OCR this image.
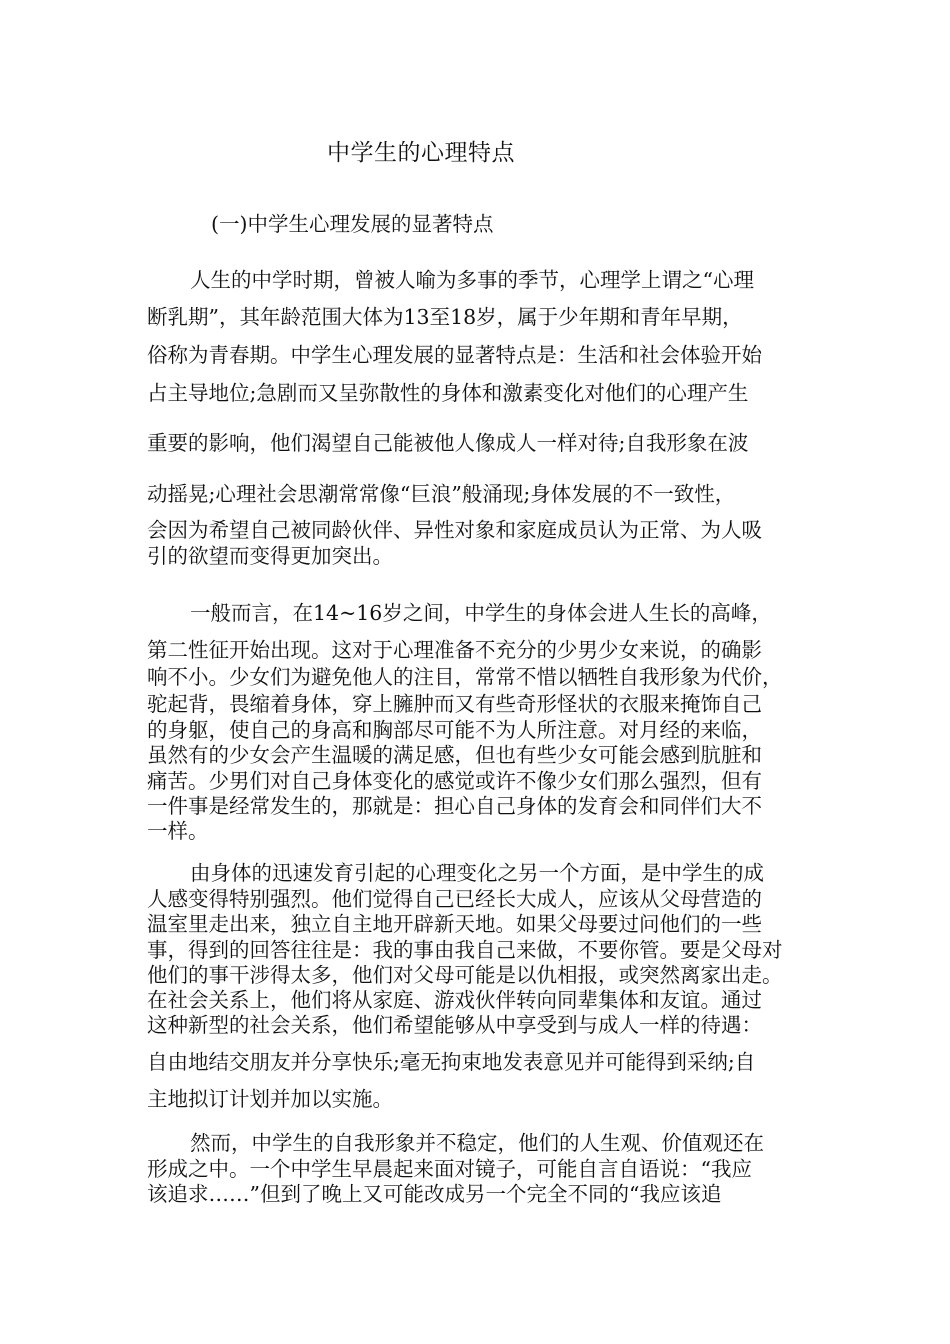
中学生的心理特点
(一)中学生心理发展的显著特点
人生的中学时期，曾被人喻为多事的季节，心理学上谓之“心理
断乳期”，其年龄范围大体为13至18岁，属于少年期和青年早期，
俗称为青春期。中学生心理发展的显著特点是：生活和社会体验开始
占主导地位;急剧而又呈弥散性的身体和激素变化对他们的心理产生
重要的影响，他们渴望自己能被他人像成人一样对待;自我形象在波
动摇晃;心理社会思潮常常像“巨浪”般涌现;身体发展的不一致性，
会因为希望自己被同龄伙伴、异性对象和家庭成员认为正常、为人吸
引的欲望而变得更加突出。
一般而言，在14~16岁之间，中学生的身体会进人生长的高峰，
第二性征开始出现。这对于心理准备不充分的少男少女来说，的确影
响不小。少女们为避免他人的注目，常常不惜以牺牲自我形象为代价，
驼起背，畏缩着身体，穿上臃肿而又有些奇形怪状的衣服来掩饰自己
的身躯，使自己的身高和胸部尽可能不为人所注意。对月经的来临，
虽然有的少女会产生温暖的满足感，但也有些少女可能会感到肮脏和
痛苦。少男们对自己身体变化的感觉或许不像少女们那么强烈，但有
一件事是经常发生的，那就是：担心自己身体的发育会和同伴们大不
一样。
由身体的迅速发育引起的心理变化之另一个方面，是中学生的成
人感变得特别强烈。他们觉得自己已经长大成人，应该从父母营造的
温室里走出来，独立自主地开辟新天地。如果父母要过问他们的一些
事，得到的回答往往是：我的事由我自己来做，不要你管。要是父母对
他们的事干涉得太多，他们对父母可能是以仇相报，或突然离家出走。
在社会关系上，他们将从家庭、游戏伙伴转向同辈集体和友谊。通过
这种新型的社会关系，他们希望能够从中享受到与成人一样的待遇：
自由地结交朋友并分享快乐;毫无拘束地发表意见并可能得到采纳;自
主地拟订计划并加以实施。
然而，中学生的自我形象并不稳定，他们的人生观、价值观还在
形成之中。一个中学生早晨起来面对镜子，可能自言自语说：“我应
该追求……”但到了晚上又可能改成另一个完全不同的“我应该追
